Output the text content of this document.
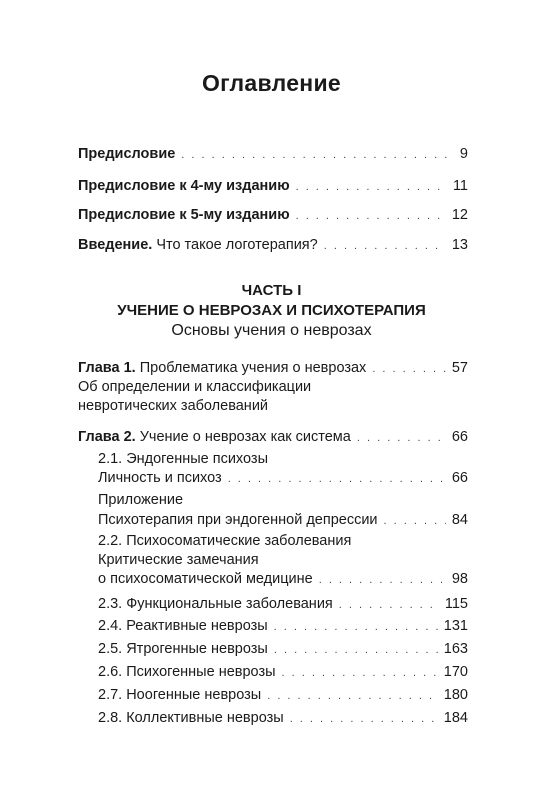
Оглавление
Предисловие . . .	9
Предисловие к 4-му изданию . . .	11
Предисловие к 5-му изданию . . .	12
Введение. Что такое логотерапия? . . .	13
ЧАСТЬ I
УЧЕНИЕ О НЕВРОЗАХ И ПСИХОТЕРАПИЯ
Основы учения о неврозах
Глава 1. Проблематика учения о неврозах . . .	57
Об определении и классификации
невротических заболеваний
Глава 2. Учение о неврозах как система . . .	66
2.1. Эндогенные психозы
Личность и психоз . . .	66
Приложение
Психотерапия при эндогенной депрессии . . .	84
2.2. Психосоматические заболевания
Критические замечания
о психосоматической медицине . . .	98
2.3. Функциональные заболевания . . .	115
2.4. Реактивные неврозы . . .	131
2.5. Ятрогенные неврозы . . .	163
2.6. Психогенные неврозы . . .	170
2.7. Ноогенные неврозы . . .	180
2.8. Коллективные неврозы . . .	184
